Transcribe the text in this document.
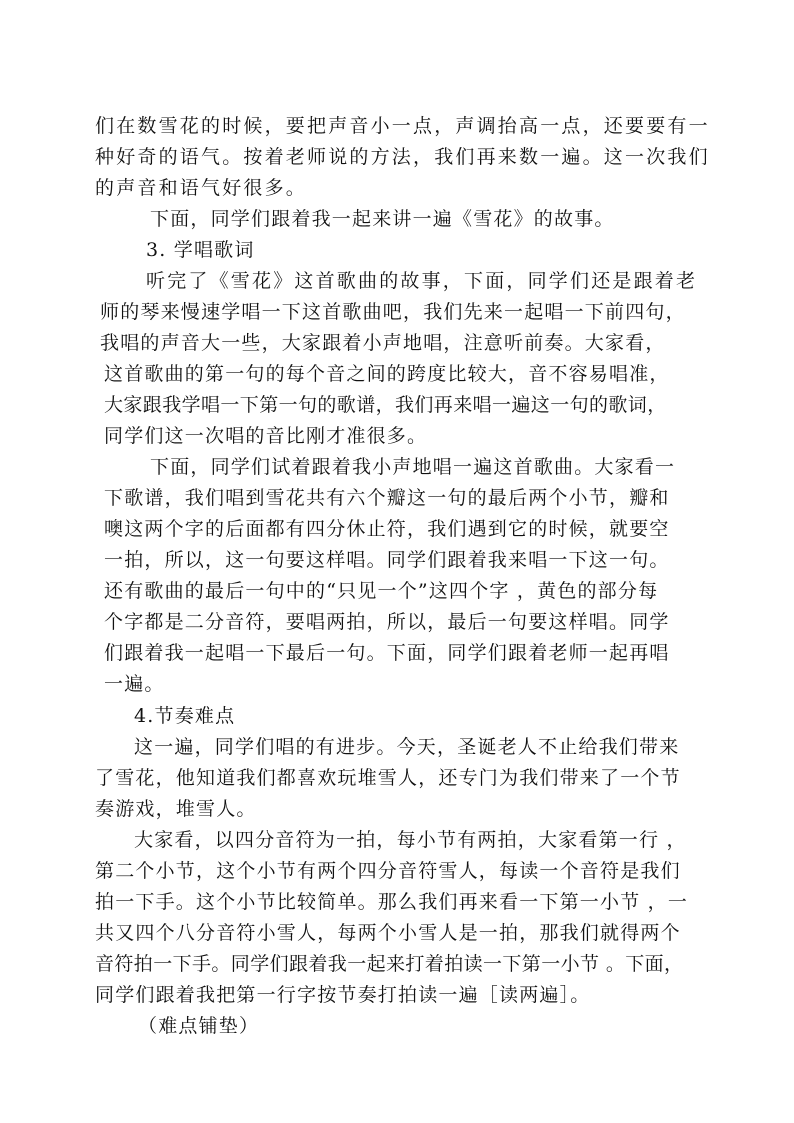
们在数雪花的时候，要把声音小一点，声调抬高一点，还要要有一
种好奇的语气。按着老师说的方法，我们再来数一遍。这一次我们
的声音和语气好很多。
下面，同学们跟着我一起来讲一遍《雪花》的故事。
3. 学唱歌词
听完了《雪花》这首歌曲的故事，下面，同学们还是跟着老
师的琴来慢速学唱一下这首歌曲吧，我们先来一起唱一下前四句，
我唱的声音大一些，大家跟着小声地唱，注意听前奏。大家看，
这首歌曲的第一句的每个音之间的跨度比较大，音不容易唱准，
大家跟我学唱一下第一句的歌谱，我们再来唱一遍这一句的歌词，
同学们这一次唱的音比刚才准很多。
下面，同学们试着跟着我小声地唱一遍这首歌曲。大家看一
下歌谱，我们唱到雪花共有六个瓣这一句的最后两个小节，瓣和
噢这两个字的后面都有四分休止符，我们遇到它的时候，就要空
一拍，所以，这一句要这样唱。同学们跟着我来唱一下这一句。
还有歌曲的最后一句中的“只见一个”这四个字 ，黄色的部分每
个字都是二分音符，要唱两拍，所以，最后一句要这样唱。同学
们跟着我一起唱一下最后一句。下面，同学们跟着老师一起再唱
一遍。
4.节奏难点
这一遍，同学们唱的有进步。今天，圣诞老人不止给我们带来
了雪花，他知道我们都喜欢玩堆雪人，还专门为我们带来了一个节
奏游戏，堆雪人。
大家看，以四分音符为一拍，每小节有两拍，大家看第一行 ，
第二个小节，这个小节有两个四分音符雪人，每读一个音符是我们
拍一下手。这个小节比较简单。那么我们再来看一下第一小节 ，一
共又四个八分音符小雪人，每两个小雪人是一拍，那我们就得两个
音符拍一下手。同学们跟着我一起来打着拍读一下第一小节 。下面，
同学们跟着我把第一行字按节奏打拍读一遍［读两遍］。
（难点铺垫）
